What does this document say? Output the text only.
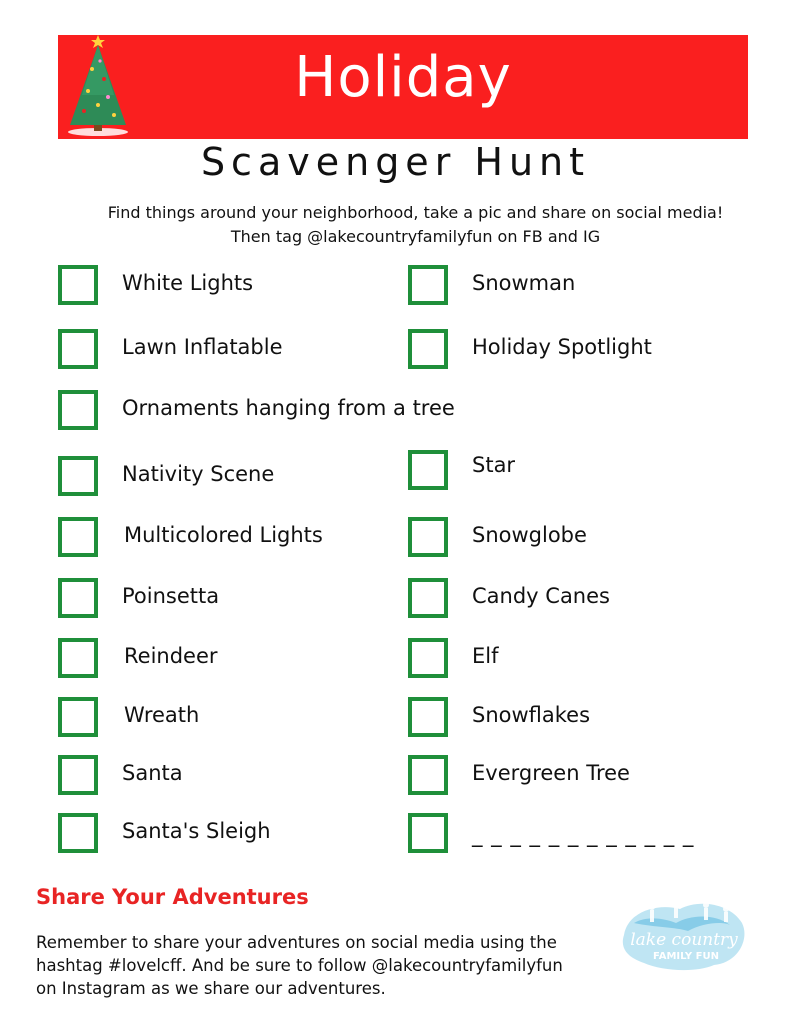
Holiday
Scavenger Hunt
Find things around your neighborhood, take a pic and share on social media!
Then tag @lakecountryfamilyfun on FB and IG
White Lights	Snowman
Lawn Inflatable	Holiday Spotlight
Ornaments hanging from a tree
Nativity Scene	Star
Multicolored Lights	Snowglobe
Poinsetta	Candy Canes
Reindeer	Elf
Wreath	Snowflakes
Santa	Evergreen Tree
Santa's Sleigh	_ _ _ _ _ _ _ _ _ _ _ _
Share Your Adventures
Remember to share your adventures on social media using the
hashtag #lovelcff. And be sure to follow @lakecountryfamilyfun
on Instagram as we share our adventures.
lake country
FAMILY FUN
